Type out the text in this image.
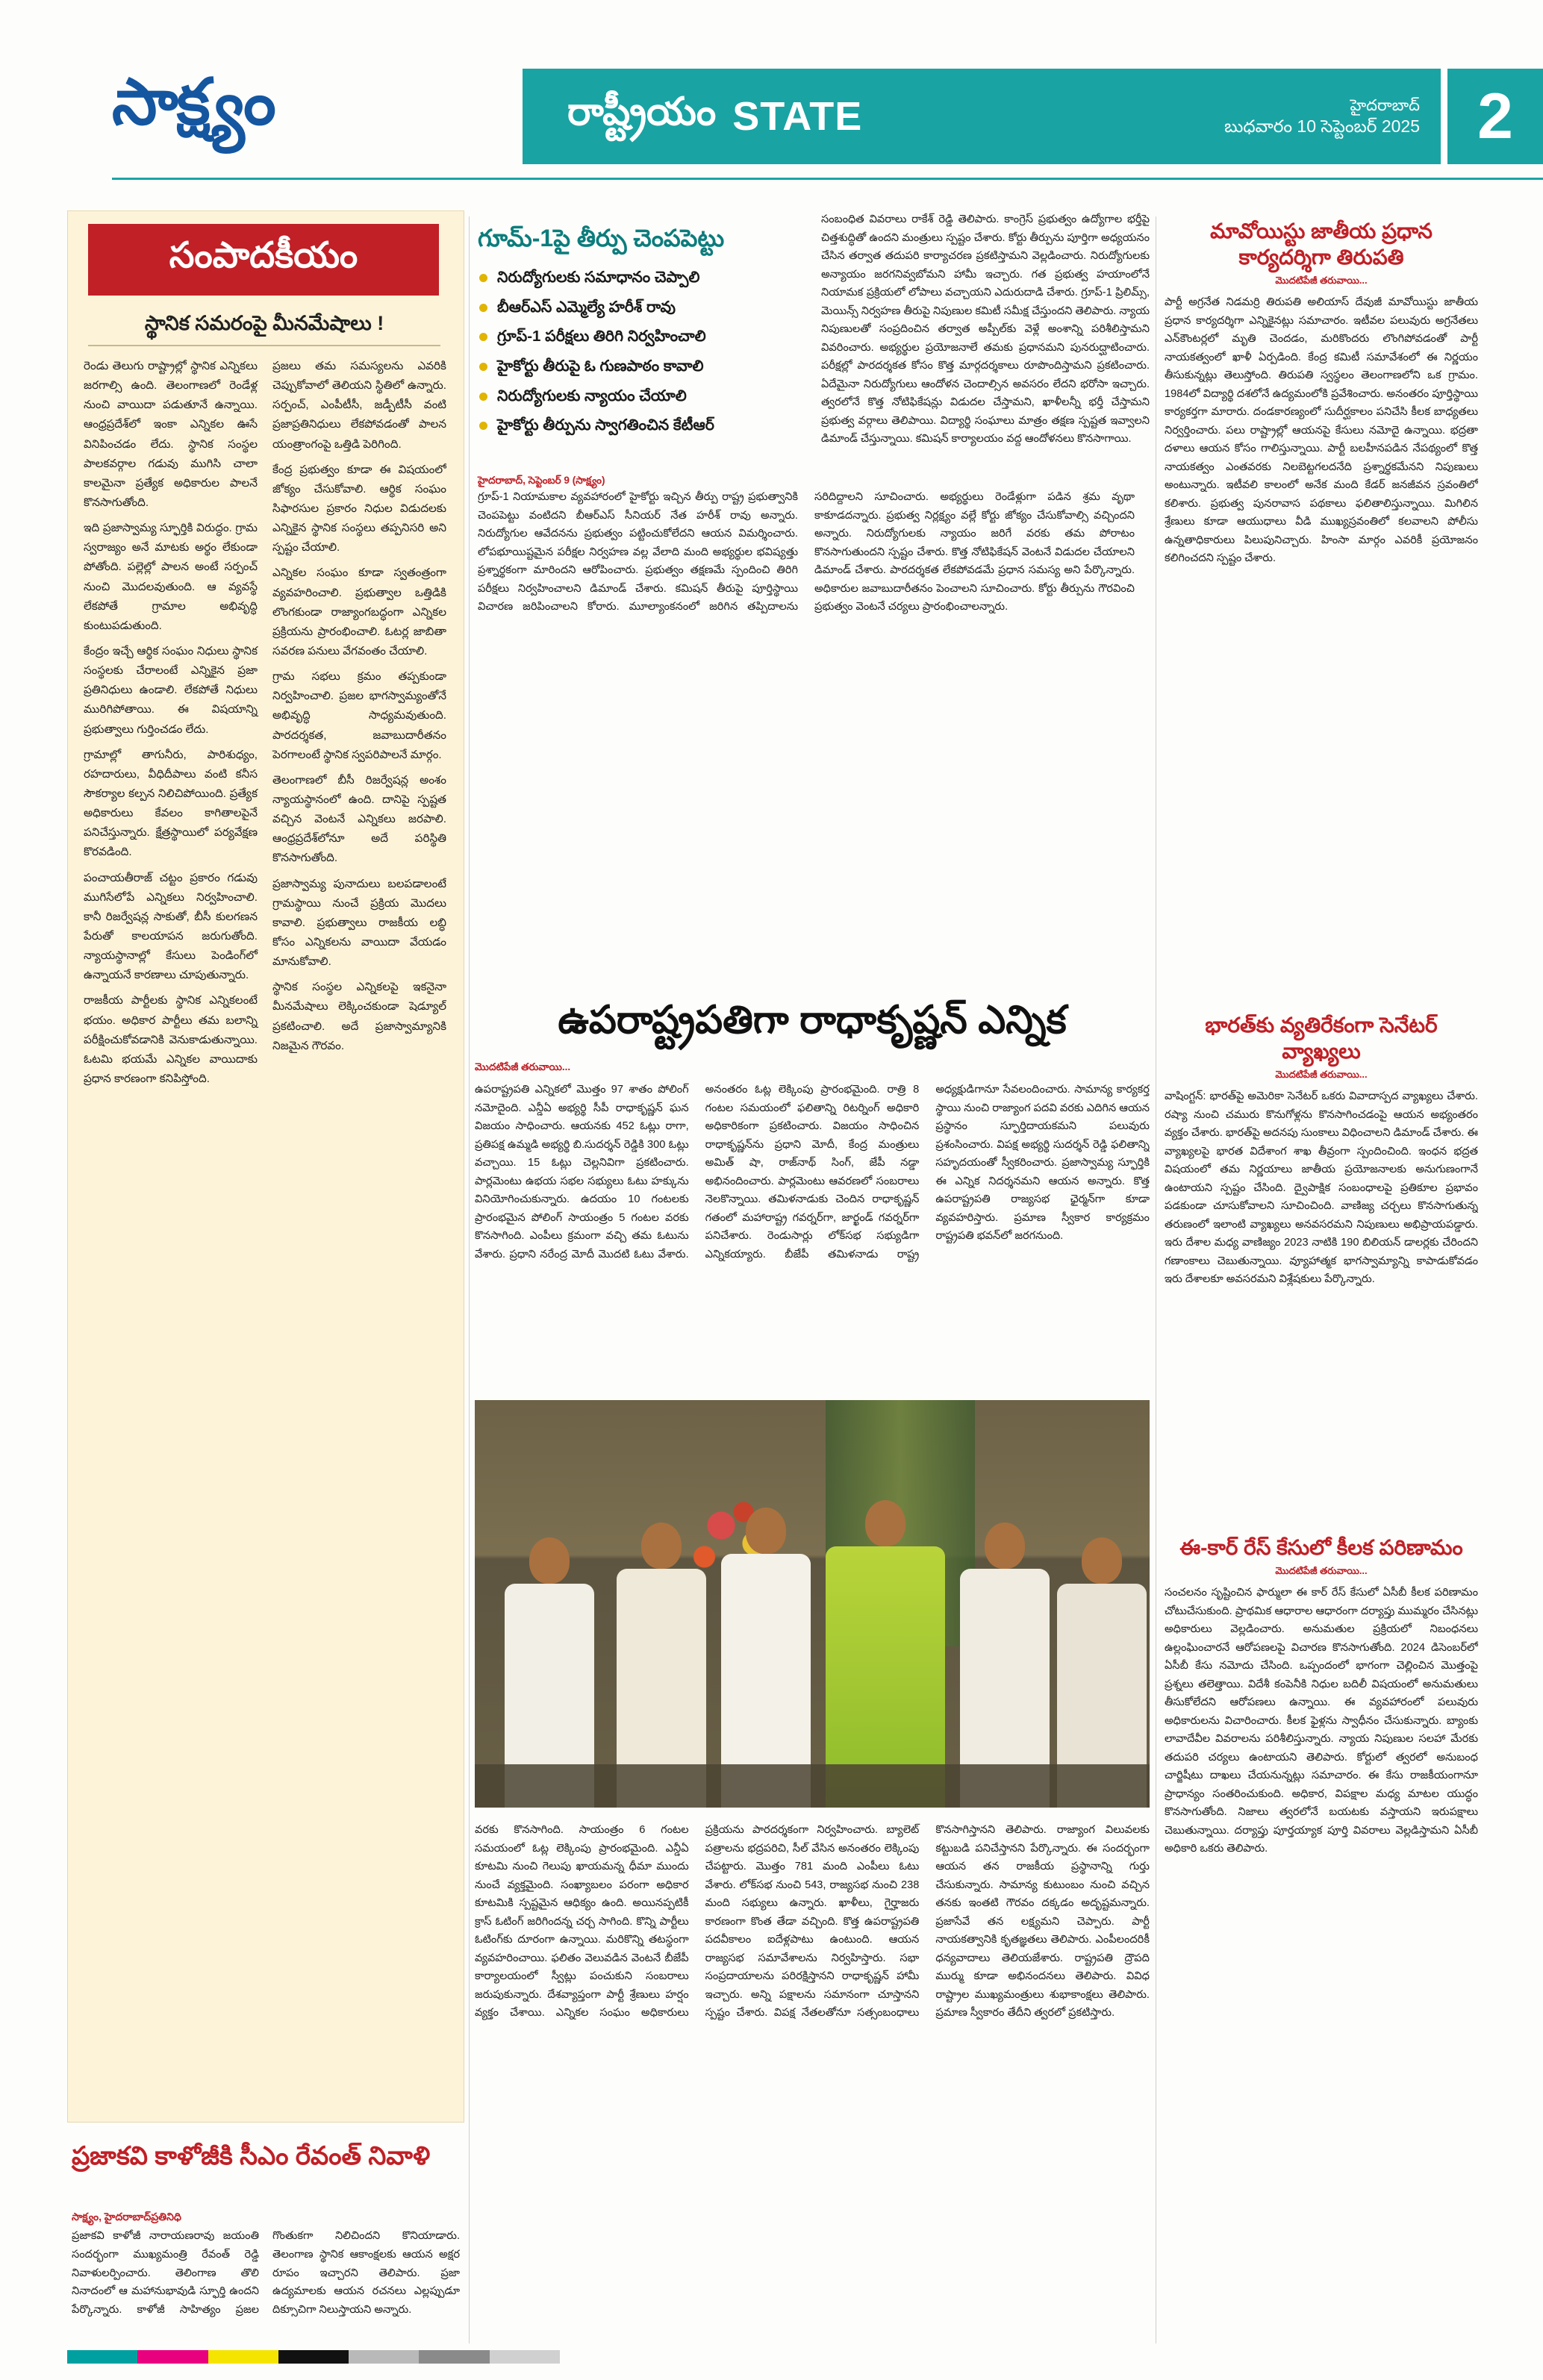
సాక్ష్యం	రాష్ట్రీయం STATE	హైదరాబాద్
బుధవారం 10 సెప్టెంబర్ 2025 2
సంపాదకీయం
స్థానిక సమరంపై మీనమేషాలు !

రెండు తెలుగు రాష్ట్రాల్లో స్థానిక ఎన్నికలు జరగాల్సి ఉంది. తెలంగాణలో రెండేళ్ల నుంచి వాయిదా పడుతూనే ఉన్నాయి. ఆంధ్రప్రదేశ్‌లో ఇంకా ఎన్నికల ఊసే వినిపించడం లేదు. స్థానిక సంస్థల పాలకవర్గాల గడువు ముగిసి చాలా కాలమైనా ప్రత్యేక అధికారుల పాలనే కొనసాగుతోంది.

ఇది ప్రజాస్వామ్య స్ఫూర్తికి విరుద్ధం. గ్రామ స్వరాజ్యం అనే మాటకు అర్థం లేకుండా పోతోంది. పల్లెల్లో పాలన అంటే సర్పంచ్ నుంచి మొదలవుతుంది. ఆ వ్యవస్థే లేకపోతే గ్రామాల అభివృద్ధి కుంటుపడుతుంది.

కేంద్రం ఇచ్చే ఆర్థిక సంఘం నిధులు స్థానిక సంస్థలకు చేరాలంటే ఎన్నికైన ప్రజా ప్రతినిధులు ఉండాలి. లేకపోతే నిధులు మురిగిపోతాయి. ఈ విషయాన్ని ప్రభుత్వాలు గుర్తించడం లేదు.

గ్రామాల్లో తాగునీరు, పారిశుధ్యం, రహదారులు, వీధిదీపాలు వంటి కనీస సౌకర్యాల కల్పన నిలిచిపోయింది. ప్రత్యేక అధికారులు కేవలం కాగితాలపైనే పనిచేస్తున్నారు. క్షేత్రస్థాయిలో పర్యవేక్షణ కొరవడింది.

పంచాయతీరాజ్ చట్టం ప్రకారం గడువు ముగిసేలోపే ఎన్నికలు నిర్వహించాలి. కానీ రిజర్వేషన్ల సాకుతో, బీసీ కులగణన పేరుతో కాలయాపన జరుగుతోంది. న్యాయస్థానాల్లో కేసులు పెండింగ్‌లో ఉన్నాయనే కారణాలు చూపుతున్నారు.

రాజకీయ పార్టీలకు స్థానిక ఎన్నికలంటే భయం. అధికార పార్టీలు తమ బలాన్ని పరీక్షించుకోవడానికి వెనుకాడుతున్నాయి. ఓటమి భయమే ఎన్నికల వాయిదాకు ప్రధాన కారణంగా కనిపిస్తోంది.

ప్రజలు తమ సమస్యలను ఎవరికి చెప్పుకోవాలో తెలియని స్థితిలో ఉన్నారు. సర్పంచ్, ఎంపీటీసీ, జడ్పీటీసీ వంటి ప్రజాప్రతినిధులు లేకపోవడంతో పాలన యంత్రాంగంపై ఒత్తిడి పెరిగింది.

కేంద్ర ప్రభుత్వం కూడా ఈ విషయంలో జోక్యం చేసుకోవాలి. ఆర్థిక సంఘం సిఫారసుల ప్రకారం నిధుల విడుదలకు ఎన్నికైన స్థానిక సంస్థలు తప్పనిసరి అని స్పష్టం చేయాలి.

ఎన్నికల సంఘం కూడా స్వతంత్రంగా వ్యవహరించాలి. ప్రభుత్వాల ఒత్తిడికి లొంగకుండా రాజ్యాంగబద్ధంగా ఎన్నికల ప్రక్రియను ప్రారంభించాలి. ఓటర్ల జాబితా సవరణ పనులు వేగవంతం చేయాలి.

గ్రామ సభలు క్రమం తప్పకుండా నిర్వహించాలి. ప్రజల భాగస్వామ్యంతోనే అభివృద్ధి సాధ్యమవుతుంది. పారదర్శకత, జవాబుదారీతనం పెరగాలంటే స్థానిక స్వపరిపాలనే మార్గం.

తెలంగాణలో బీసీ రిజర్వేషన్ల అంశం న్యాయస్థానంలో ఉంది. దానిపై స్పష్టత వచ్చిన వెంటనే ఎన్నికలు జరపాలి. ఆంధ్రప్రదేశ్‌లోనూ అదే పరిస్థితి కొనసాగుతోంది.

ప్రజాస్వామ్య పునాదులు బలపడాలంటే గ్రామస్థాయి నుంచే ప్రక్రియ మొదలు కావాలి. ప్రభుత్వాలు రాజకీయ లబ్ధి కోసం ఎన్నికలను వాయిదా వేయడం మానుకోవాలి.

స్థానిక సంస్థల ఎన్నికలపై ఇకనైనా మీనమేషాలు లెక్కించకుండా షెడ్యూల్ ప్రకటించాలి. అదే ప్రజాస్వామ్యానికి నిజమైన గౌరవం.

ప్రజాకవి కాళోజీకి సీఎం రేవంత్ నివాళి
సాక్ష్యం, హైదరాబాద్‌ప్రతినిధి
ప్రజాకవి కాళోజీ నారాయణరావు జయంతి సందర్భంగా ముఖ్యమంత్రి రేవంత్ రెడ్డి నివాళులర్పించారు. తెలింగాణ తొలి నినాదంలో ఆ మహానుభావుడి స్ఫూర్తి ఉందని పేర్కొన్నారు. కాళోజీ సాహిత్యం ప్రజల గొంతుకగా నిలిచిందని కొనియాడారు. తెలంగాణ స్థానిక ఆకాంక్షలకు ఆయన అక్షర రూపం ఇచ్చారని తెలిపారు. ప్రజా ఉద్యమాలకు ఆయన రచనలు ఎల్లప్పుడూ దిక్సూచిగా నిలుస్తాయని అన్నారు.
గూమ్-1పై తీర్పు చెంపపెట్టు
నిరుద్యోగులకు సమాధానం చెప్పాలి
బీఆర్ఎస్ ఎమ్మెల్యే హరీశ్ రావు
గ్రూప్-1 పరీక్షలు తిరిగి నిర్వహించాలి
హైకోర్టు తీరుపై ఓ గుణపాఠం కావాలి
నిరుద్యోగులకు న్యాయం చేయాలి
హైకోర్టు తీర్పును స్వాగతించిన కేటీఆర్
హైదరాబాద్, సెప్టెంబర్ 9 (సాక్ష్యం)
గ్రూప్-1 నియామకాల వ్యవహారంలో హైకోర్టు ఇచ్చిన తీర్పు రాష్ట్ర ప్రభుత్వానికి చెంపపెట్టు వంటిదని బీఆర్ఎస్ సీనియర్ నేత హరీశ్ రావు అన్నారు. నిరుద్యోగుల ఆవేదనను ప్రభుత్వం పట్టించుకోలేదని ఆయన విమర్శించారు. లోపభూయిష్టమైన పరీక్షల నిర్వహణ వల్ల వేలాది మంది అభ్యర్థుల భవిష్యత్తు ప్రశ్నార్థకంగా మారిందని ఆరోపించారు. ప్రభుత్వం తక్షణమే స్పందించి తిరిగి పరీక్షలు నిర్వహించాలని డిమాండ్ చేశారు. కమిషన్ తీరుపై పూర్తిస్థాయి విచారణ జరిపించాలని కోరారు. మూల్యాంకనంలో జరిగిన తప్పిదాలను సరిదిద్దాలని సూచించారు. అభ్యర్థులు రెండేళ్లుగా పడిన శ్రమ వృథా కాకూడదన్నారు. ప్రభుత్వ నిర్లక్ష్యం వల్లే కోర్టు జోక్యం చేసుకోవాల్సి వచ్చిందని అన్నారు. నిరుద్యోగులకు న్యాయం జరిగే వరకు తమ పోరాటం కొనసాగుతుందని స్పష్టం చేశారు. కొత్త నోటిఫికేషన్ వెంటనే విడుదల చేయాలని డిమాండ్ చేశారు. పారదర్శకత లేకపోవడమే ప్రధాన సమస్య అని పేర్కొన్నారు. అధికారుల జవాబుదారీతనం పెంచాలని సూచించారు. కోర్టు తీర్పును గౌరవించి ప్రభుత్వం వెంటనే చర్యలు ప్రారంభించాలన్నారు.
సంబంధిత వివరాలు రాకేశ్ రెడ్డి తెలిపారు. కాంగ్రెస్ ప్రభుత్వం ఉద్యోగాల భర్తీపై చిత్తశుద్ధితో ఉందని మంత్రులు స్పష్టం చేశారు. కోర్టు తీర్పును పూర్తిగా అధ్యయనం చేసిన తర్వాత తదుపరి కార్యాచరణ ప్రకటిస్తామని వెల్లడించారు. నిరుద్యోగులకు అన్యాయం జరగనివ్వబోమని హామీ ఇచ్చారు. గత ప్రభుత్వ హయాంలోనే నియామక ప్రక్రియలో లోపాలు వచ్చాయని ఎదురుదాడి చేశారు. గ్రూప్-1 ప్రిలిమ్స్, మెయిన్స్ నిర్వహణ తీరుపై నిపుణుల కమిటీ సమీక్ష చేస్తుందని తెలిపారు. న్యాయ నిపుణులతో సంప్రదించిన తర్వాత అప్పీల్‌కు వెళ్లే అంశాన్ని పరిశీలిస్తామని వివరించారు. అభ్యర్థుల ప్రయోజనాలే తమకు ప్రధానమని పునరుద్ఘాటించారు. పరీక్షల్లో పారదర్శకత కోసం కొత్త మార్గదర్శకాలు రూపొందిస్తామని ప్రకటించారు. ఏదేమైనా నిరుద్యోగులు ఆందోళన చెందాల్సిన అవసరం లేదని భరోసా ఇచ్చారు. త్వరలోనే కొత్త నోటిఫికేషన్లు విడుదల చేస్తామని, ఖాళీలన్నీ భర్తీ చేస్తామని ప్రభుత్వ వర్గాలు తెలిపాయి. విద్యార్థి సంఘాలు మాత్రం తక్షణ స్పష్టత ఇవ్వాలని డిమాండ్ చేస్తున్నాయి. కమిషన్ కార్యాలయం వద్ద ఆందోళనలు కొనసాగాయి.
ఉపరాష్ట్రపతిగా రాధాకృష్ణన్ ఎన్నిక
మెుదటిపేజీ తరువాయి...
ఉపరాష్ట్రపతి ఎన్నికలో మొత్తం 97 శాతం పోలింగ్ నమోదైంది. ఎన్డీఏ అభ్యర్థి సీపీ రాధాకృష్ణన్ ఘన విజయం సాధించారు. ఆయనకు 452 ఓట్లు రాగా, ప్రతిపక్ష ఉమ్మడి అభ్యర్థి బి.సుదర్శన్ రెడ్డికి 300 ఓట్లు వచ్చాయి. 15 ఓట్లు చెల్లనివిగా ప్రకటించారు. పార్లమెంటు ఉభయ సభల సభ్యులు ఓటు హక్కును వినియోగించుకున్నారు. ఉదయం 10 గంటలకు ప్రారంభమైన పోలింగ్ సాయంత్రం 5 గంటల వరకు కొనసాగింది. ఎంపీలు క్రమంగా వచ్చి తమ ఓటును వేశారు. ప్రధాని నరేంద్ర మోదీ మొదటి ఓటు వేశారు. అనంతరం ఓట్ల లెక్కింపు ప్రారంభమైంది. రాత్రి 8 గంటల సమయంలో ఫలితాన్ని రిటర్నింగ్ అధికారి అధికారికంగా ప్రకటించారు. విజయం సాధించిన రాధాకృష్ణన్‌ను ప్రధాని మోదీ, కేంద్ర మంత్రులు అమిత్ షా, రాజ్‌నాథ్ సింగ్, జేపీ నడ్డా అభినందించారు. పార్లమెంటు ఆవరణలో సంబరాలు నెలకొన్నాయి. తమిళనాడుకు చెందిన రాధాకృష్ణన్ గతంలో మహారాష్ట్ర గవర్నర్‌గా, జార్ఖండ్ గవర్నర్‌గా పనిచేశారు. రెండుసార్లు లోక్‌సభ సభ్యుడిగా ఎన్నికయ్యారు. బీజేపీ తమిళనాడు రాష్ట్ర అధ్యక్షుడిగానూ సేవలందించారు. సామాన్య కార్యకర్త స్థాయి నుంచి రాజ్యాంగ పదవి వరకు ఎదిగిన ఆయన ప్రస్థానం స్ఫూర్తిదాయకమని పలువురు ప్రశంసించారు. విపక్ష అభ్యర్థి సుదర్శన్ రెడ్డి ఫలితాన్ని సహృదయంతో స్వీకరించారు. ప్రజాస్వామ్య స్ఫూర్తికి ఈ ఎన్నిక నిదర్శనమని ఆయన అన్నారు. కొత్త ఉపరాష్ట్రపతి రాజ్యసభ ఛైర్మన్‌గా కూడా వ్యవహరిస్తారు. ప్రమాణ స్వీకార కార్యక్రమం రాష్ట్రపతి భవన్‌లో జరగనుంది.
వరకు కొనసాగింది. సాయంత్రం 6 గంటల సమయంలో ఓట్ల లెక్కింపు ప్రారంభమైంది. ఎన్డీఏ కూటమి నుంచి గెలుపు ఖాయమన్న ధీమా ముందు నుంచే వ్యక్తమైంది. సంఖ్యాబలం పరంగా అధికార కూటమికి స్పష్టమైన ఆధిక్యం ఉంది. అయినప్పటికీ క్రాస్ ఓటింగ్ జరిగిందన్న చర్చ సాగింది. కొన్ని పార్టీలు ఓటింగ్‌కు దూరంగా ఉన్నాయి. మరికొన్ని తటస్థంగా వ్యవహరించాయి. ఫలితం వెలువడిన వెంటనే బీజేపీ కార్యాలయంలో స్వీట్లు పంచుకుని సంబరాలు జరుపుకున్నారు. దేశవ్యాప్తంగా పార్టీ శ్రేణులు హర్షం వ్యక్తం చేశాయి. ఎన్నికల సంఘం అధికారులు ప్రక్రియను పారదర్శకంగా నిర్వహించారు. బ్యాలెట్ పత్రాలను భద్రపరిచి, సీల్ వేసిన అనంతరం లెక్కింపు చేపట్టారు. మొత్తం 781 మంది ఎంపీలు ఓటు వేశారు. లోక్‌సభ నుంచి 543, రాజ్యసభ నుంచి 238 మంది సభ్యులు ఉన్నారు. ఖాళీలు, గైర్హాజరు కారణంగా కొంత తేడా వచ్చింది. కొత్త ఉపరాష్ట్రపతి పదవీకాలం ఐదేళ్లపాటు ఉంటుంది. ఆయన రాజ్యసభ సమావేశాలను నిర్వహిస్తారు. సభా సంప్రదాయాలను పరిరక్షిస్తానని రాధాకృష్ణన్ హామీ ఇచ్చారు. అన్ని పక్షాలను సమానంగా చూస్తానని స్పష్టం చేశారు. విపక్ష నేతలతోనూ సత్సంబంధాలు కొనసాగిస్తానని తెలిపారు. రాజ్యాంగ విలువలకు కట్టుబడి పనిచేస్తానని పేర్కొన్నారు. ఈ సందర్భంగా ఆయన తన రాజకీయ ప్రస్థానాన్ని గుర్తు చేసుకున్నారు. సామాన్య కుటుంబం నుంచి వచ్చిన తనకు ఇంతటి గౌరవం దక్కడం అదృష్టమన్నారు. ప్రజాసేవే తన లక్ష్యమని చెప్పారు. పార్టీ నాయకత్వానికి కృతజ్ఞతలు తెలిపారు. ఎంపీలందరికీ ధన్యవాదాలు తెలియజేశారు. రాష్ట్రపతి ద్రౌపది ముర్ము కూడా అభినందనలు తెలిపారు. వివిధ రాష్ట్రాల ముఖ్యమంత్రులు శుభాకాంక్షలు తెలిపారు. ప్రమాణ స్వీకారం తేదీని త్వరలో ప్రకటిస్తారు.
మావోయిస్టు జాతీయ ప్రధాన కార్యదర్శిగా తిరుపతి
మెుదటిపేజీ తరువాయి...
పార్టీ అగ్రనేత నిడమర్రి తిరుపతి అలియాస్ దేవుజీ మావోయిస్టు జాతీయ ప్రధాన కార్యదర్శిగా ఎన్నికైనట్లు సమాచారం. ఇటీవల పలువురు అగ్రనేతలు ఎన్‌కౌంటర్లలో మృతి చెందడం, మరికొందరు లొంగిపోవడంతో పార్టీ నాయకత్వంలో ఖాళీ ఏర్పడింది. కేంద్ర కమిటీ సమావేశంలో ఈ నిర్ణయం తీసుకున్నట్లు తెలుస్తోంది. తిరుపతి స్వస్థలం తెలంగాణలోని ఒక గ్రామం. 1984లో విద్యార్థి దశలోనే ఉద్యమంలోకి ప్రవేశించారు. అనంతరం పూర్తిస్థాయి కార్యకర్తగా మారారు. దండకారణ్యంలో సుదీర్ఘకాలం పనిచేసి కీలక బాధ్యతలు నిర్వర్తించారు. పలు రాష్ట్రాల్లో ఆయనపై కేసులు నమోదై ఉన్నాయి. భద్రతా దళాలు ఆయన కోసం గాలిస్తున్నాయి. పార్టీ బలహీనపడిన నేపథ్యంలో కొత్త నాయకత్వం ఎంతవరకు నిలబెట్టగలదనేది ప్రశ్నార్థకమేనని నిపుణులు అంటున్నారు. ఇటీవలి కాలంలో అనేక మంది కేడర్ జనజీవన స్రవంతిలో కలిశారు. ప్రభుత్వ పునరావాస పథకాలు ఫలితాలిస్తున్నాయి. మిగిలిన శ్రేణులు కూడా ఆయుధాలు వీడి ముఖ్యస్రవంతిలో కలవాలని పోలీసు ఉన్నతాధికారులు పిలుపునిచ్చారు. హింసా మార్గం ఎవరికీ ప్రయోజనం కలిగించదని స్పష్టం చేశారు.
భారత్‌కు వ్యతిరేకంగా సెనేటర్ వ్యాఖ్యలు
మెుదటిపేజీ తరువాయి...
వాషింగ్టన్: భారత్‌పై అమెరికా సెనేటర్ ఒకరు వివాదాస్పద వ్యాఖ్యలు చేశారు. రష్యా నుంచి చమురు కొనుగోళ్లను కొనసాగించడంపై ఆయన అభ్యంతరం వ్యక్తం చేశారు. భారత్‌పై అదనపు సుంకాలు విధించాలని డిమాండ్ చేశారు. ఈ వ్యాఖ్యలపై భారత విదేశాంగ శాఖ తీవ్రంగా స్పందించింది. ఇంధన భద్రత విషయంలో తమ నిర్ణయాలు జాతీయ ప్రయోజనాలకు అనుగుణంగానే ఉంటాయని స్పష్టం చేసింది. ద్వైపాక్షిక సంబంధాలపై ప్రతికూల ప్రభావం పడకుండా చూసుకోవాలని సూచించింది. వాణిజ్య చర్చలు కొనసాగుతున్న తరుణంలో ఇలాంటి వ్యాఖ్యలు అనవసరమని నిపుణులు అభిప్రాయపడ్డారు. ఇరు దేశాల మధ్య వాణిజ్యం 2023 నాటికి 190 బిలియన్ డాలర్లకు చేరిందని గణాంకాలు చెబుతున్నాయి. వ్యూహాత్మక భాగస్వామ్యాన్ని కాపాడుకోవడం ఇరు దేశాలకూ అవసరమని విశ్లేషకులు పేర్కొన్నారు.
ఈ-కార్ రేస్ కేసులో కీలక పరిణామం
మెుదటిపేజీ తరువాయి...
సంచలనం సృష్టించిన ఫార్ములా ఈ కార్ రేస్ కేసులో ఏసీబీ కీలక పరిణామం చోటుచేసుకుంది. ప్రాథమిక ఆధారాల ఆధారంగా దర్యాప్తు ముమ్మరం చేసినట్లు అధికారులు వెల్లడించారు. అనుమతుల ప్రక్రియలో నిబంధనలు ఉల్లంఘించారనే ఆరోపణలపై విచారణ కొనసాగుతోంది. 2024 డిసెంబర్‌లో ఏసీబీ కేసు నమోదు చేసింది. ఒప్పందంలో భాగంగా చెల్లించిన మొత్తంపై ప్రశ్నలు తలెత్తాయి. విదేశీ కంపెనీకి నిధుల బదిలీ విషయంలో అనుమతులు తీసుకోలేదని ఆరోపణలు ఉన్నాయి. ఈ వ్యవహారంలో పలువురు అధికారులను విచారించారు. కీలక ఫైళ్లను స్వాధీనం చేసుకున్నారు. బ్యాంకు లావాదేవీల వివరాలను పరిశీలిస్తున్నారు. న్యాయ నిపుణుల సలహా మేరకు తదుపరి చర్యలు ఉంటాయని తెలిపారు. కోర్టులో త్వరలో అనుబంధ చార్జిషీటు దాఖలు చేయనున్నట్లు సమాచారం. ఈ కేసు రాజకీయంగానూ ప్రాధాన్యం సంతరించుకుంది. అధికార, విపక్షాల మధ్య మాటల యుద్ధం కొనసాగుతోంది. నిజాలు త్వరలోనే బయటకు వస్తాయని ఇరుపక్షాలు చెబుతున్నాయి. దర్యాప్తు పూర్తయ్యాక పూర్తి వివరాలు వెల్లడిస్తామని ఏసీబీ అధికారి ఒకరు తెలిపారు.
